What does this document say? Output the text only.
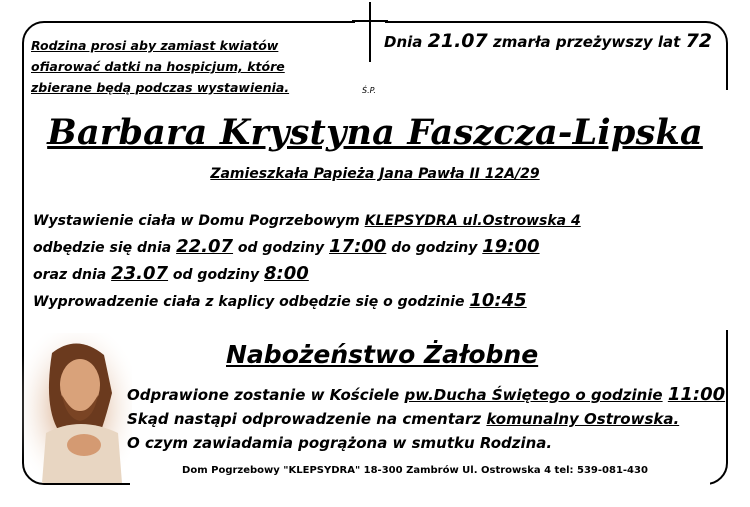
Rodzina prosi aby zamiast kwiatów
ofiarować datki na hospicjum, które
zbierane będą podczas wystawienia.
Dnia 21.07 zmarła przeżywszy lat 72
Ś.P.
Barbara Krystyna Faszcza-Lipska
Zamieszkała Papieża Jana Pawła II 12A/29
Wystawienie ciała w Domu Pogrzebowym KLEPSYDRA ul.Ostrowska 4
odbędzie się dnia 22.07 od godziny 17:00 do godziny 19:00
oraz dnia 23.07 od godziny 8:00
Wyprowadzenie ciała z kaplicy odbędzie się o godzinie 10:45
Nabożeństwo Żałobne
Odprawione zostanie w Kościele pw.Ducha Świętego o godzinie 11:00
Skąd nastąpi odprowadzenie na cmentarz komunalny Ostrowska.
O czym zawiadamia pogrążona w smutku Rodzina.
Dom Pogrzebowy "KLEPSYDRA" 18-300 Zambrów Ul. Ostrowska 4 tel: 539-081-430
